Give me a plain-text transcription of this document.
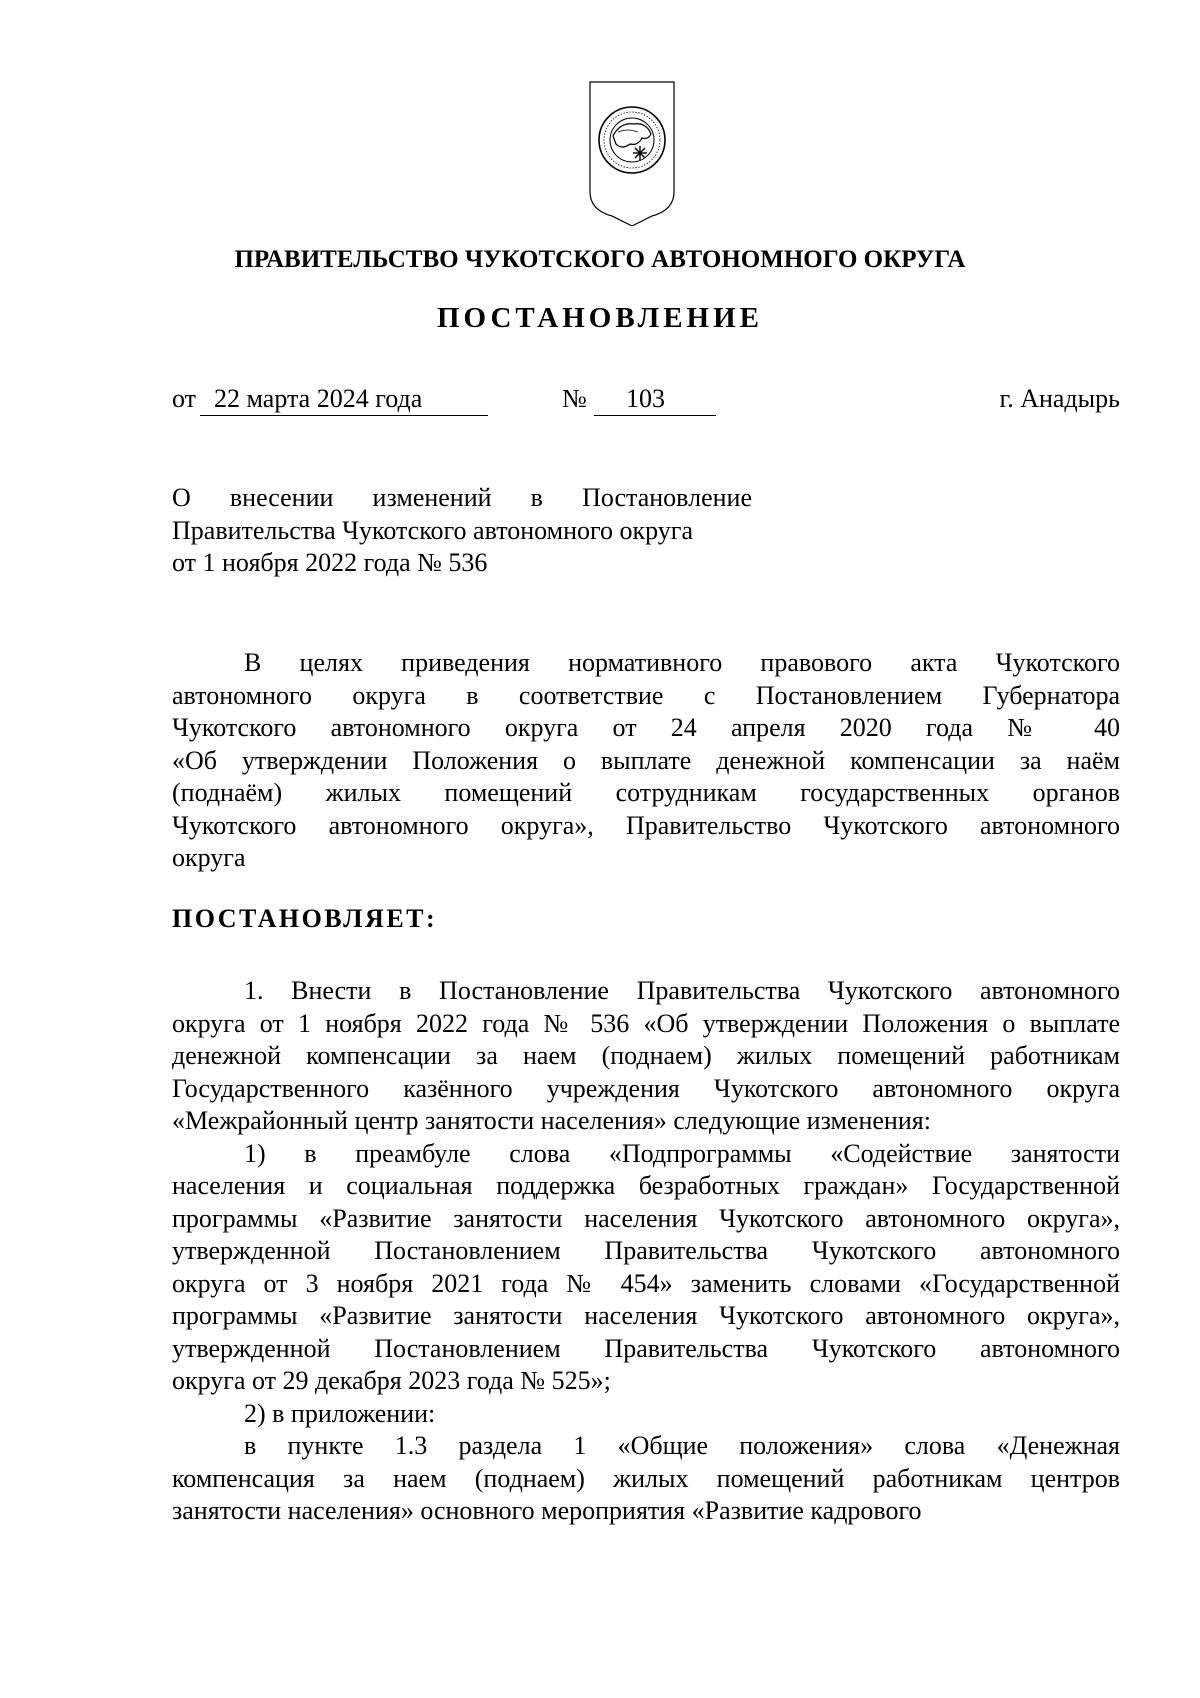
ПРАВИТЕЛЬСТВО ЧУКОТСКОГО АВТОНОМНОГО ОКРУГА
ПОСТАНОВЛЕНИЕ
от 22 марта 2024 года	№ 103	г. Анадырь
О внесении изменений в Постановление
Правительства Чукотского автономного округа
от 1 ноября 2022 года № 536
В целях приведения нормативного правового акта Чукотского
автономного округа в соответствие с Постановлением Губернатора
Чукотского автономного округа от 24 апреля 2020 года № 40
«Об утверждении Положения о выплате денежной компенсации за наём
(поднаём) жилых помещений сотрудникам государственных органов
Чукотского автономного округа», Правительство Чукотского автономного
округа
ПОСТАНОВЛЯЕТ:
1. Внести в Постановление Правительства Чукотского автономного
округа от 1 ноября 2022 года № 536 «Об утверждении Положения о выплате
денежной компенсации за наем (поднаем) жилых помещений работникам
Государственного казённого учреждения Чукотского автономного округа
«Межрайонный центр занятости населения» следующие изменения:
1) в преамбуле слова «Подпрограммы «Содействие занятости
населения и социальная поддержка безработных граждан» Государственной
программы «Развитие занятости населения Чукотского автономного округа»,
утвержденной Постановлением Правительства Чукотского автономного
округа от 3 ноября 2021 года № 454» заменить словами «Государственной
программы «Развитие занятости населения Чукотского автономного округа»,
утвержденной Постановлением Правительства Чукотского автономного
округа от 29 декабря 2023 года № 525»;
2) в приложении:
в пункте 1.3 раздела 1 «Общие положения» слова «Денежная
компенсация за наем (поднаем) жилых помещений работникам центров
занятости населения» основного мероприятия «Развитие кадрового
